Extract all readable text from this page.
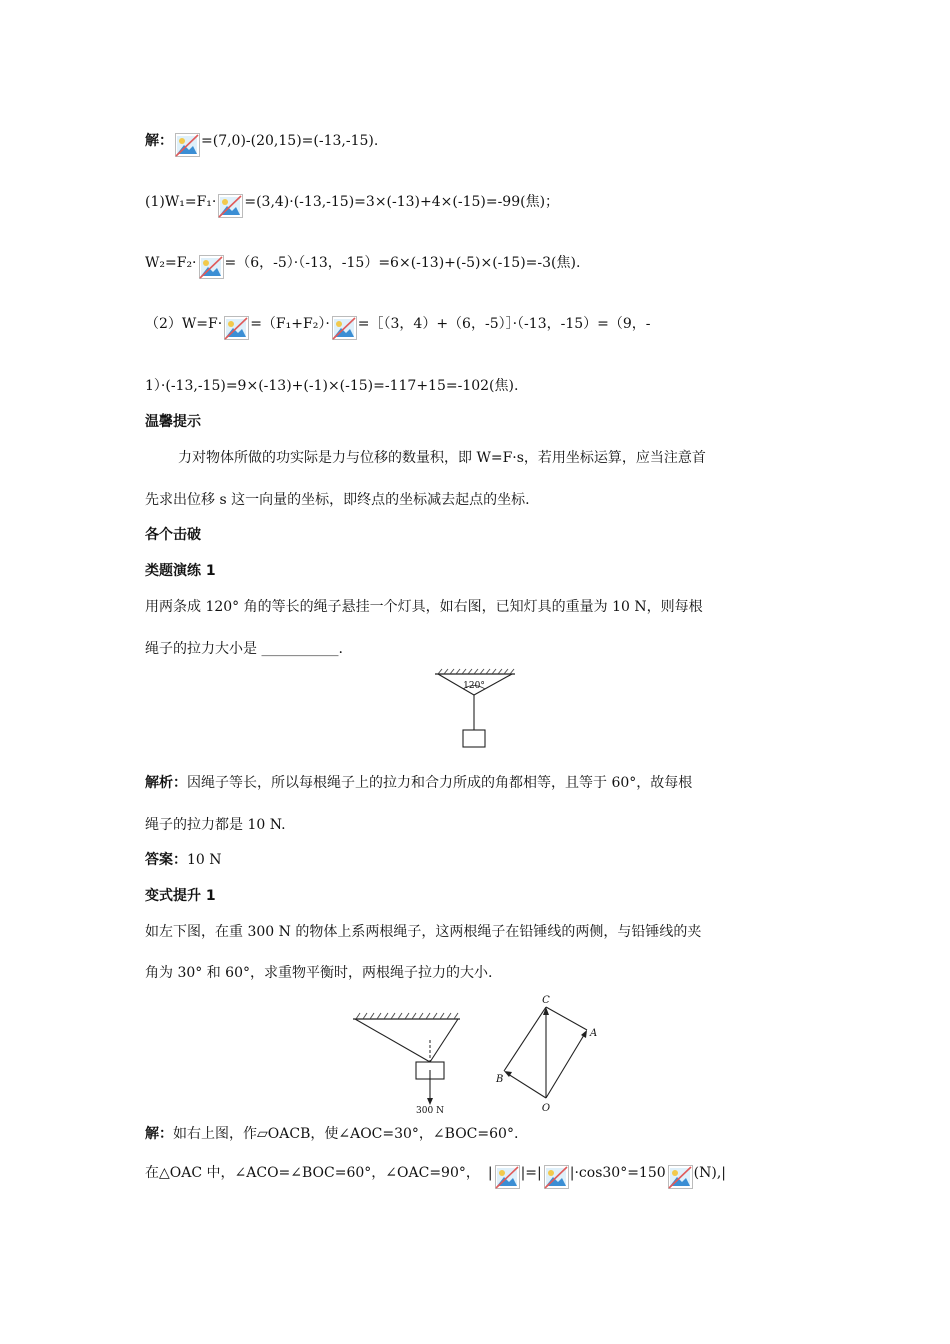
解： =(7,0)-(20,15)=(-13,-15).
(1)W₁=F₁· =(3,4)·(-13,-15)=3×(-13)+4×(-15)=-99(焦)；
W₂=F₂· =（6，-5）·（-13，-15）=6×(-13)+(-5)×(-15)=-3(焦).
（2）W=F· =（F₁+F₂）· =［（3，4）+（6，-5）］·（-13，-15）=（9，-
1）·(-13,-15)=9×(-13)+(-1)×(-15)=-117+15=-102(焦).
温馨提示
力对物体所做的功实际是力与位移的数量积，即 W=F·s，若用坐标运算，应当注意首
先求出位移 s 这一向量的坐标，即终点的坐标减去起点的坐标.
各个击破
类题演练 1
用两条成 120° 角的等长的绳子悬挂一个灯具，如右图，已知灯具的重量为 10 N，则每根
绳子的拉力大小是 ___________.
120°
解析：因绳子等长，所以每根绳子上的拉力和合力所成的角都相等，且等于 60°，故每根
绳子的拉力都是 10 N.
答案：10 N
变式提升 1
如左下图，在重 300 N 的物体上系两根绳子，这两根绳子在铅锤线的两侧，与铅锤线的夹
角为 30° 和 60°，求重物平衡时，两根绳子拉力的大小.
300 N
C
A
B
O
解：如右上图，作▱OACB，使∠AOC=30°，∠BOC=60°.
在△OAC 中，∠ACO=∠BOC=60°，∠OAC=90°， | |=| |·cos30°=150 (N),|
